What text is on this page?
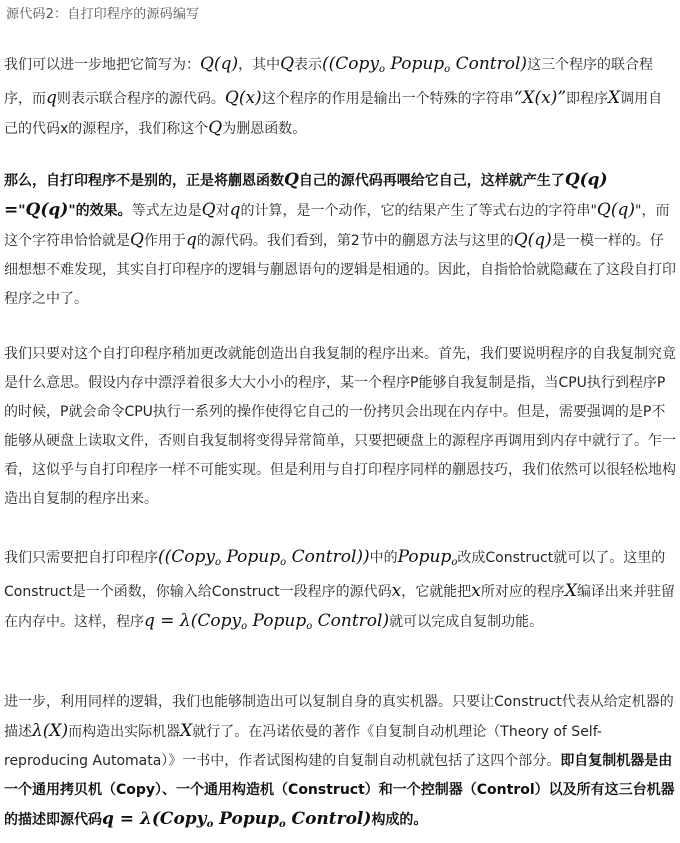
源代码2：自打印程序的源码编写

我们可以进一步地把它简写为：Q(q)，其中Q表示((Copy$_o$ Popup$_o$ Control)这三个程序的联合程序，而q则表示联合程序的源代码。Q(x)这个程序的作用是输出一个特殊的字符串“X(x)”即程序X调用自己的代码x的源程序，我们称这个Q为删恩函数。

那么，自打印程序不是别的，正是将蒯恩函数Q自己的源代码再喂给它自己，这样就产生了Q(q) ="Q(q)"的效果。等式左边是Q对q的计算，是一个动作，它的结果产生了等式右边的字符串"Q(q)"，而这个字符串恰恰就是Q作用于q的源代码。我们看到，第2节中的蒯恩方法与这里的Q(q)是一模一样的。仔细想想不难发现，其实自打印程序的逻辑与蒯恩语句的逻辑是相通的。因此，自指恰恰就隐藏在了这段自打印程序之中了。

我们只要对这个自打印程序稍加更改就能创造出自我复制的程序出来。首先，我们要说明程序的自我复制究竟是什么意思。假设内存中漂浮着很多大大小小的程序，某一个程序P能够自我复制是指，当CPU执行到程序P的时候，P就会命令CPU执行一系列的操作使得它自己的一份拷贝会出现在内存中。但是，需要强调的是P不能够从硬盘上读取文件，否则自我复制将变得异常简单，只要把硬盘上的源程序再调用到内存中就行了。乍一看，这似乎与自打印程序一样不可能实现。但是利用与自打印程序同样的蒯恩技巧，我们依然可以很轻松地构造出自复制的程序出来。

我们只需要把自打印程序((Copy$_o$ Popup$_o$ Control))中的Popup$_o$改成Construct就可以了。这里的Construct是一个函数，你输入给Construct一段程序的源代码x，它就能把x所对应的程序X编译出来并驻留在内存中。这样，程序q = λ(Copy$_o$ Popup$_o$ Control)就可以完成自复制功能。

进一步，利用同样的逻辑，我们也能够制造出可以复制自身的真实机器。只要让Construct代表从给定机器的描述λ(X)而构造出实际机器X就行了。在冯诺依曼的著作《自复制自动机理论（Theory of Self-reproducing Automata）》一书中，作者试图构建的自复制自动机就包括了这四个部分。即自复制机器是由一个通用拷贝机（Copy）、一个通用构造机（Construct）和一个控制器（Control）以及所有这三台机器的描述即源代码q = λ(Copy$_o$ Popup$_o$ Control)构成的。
